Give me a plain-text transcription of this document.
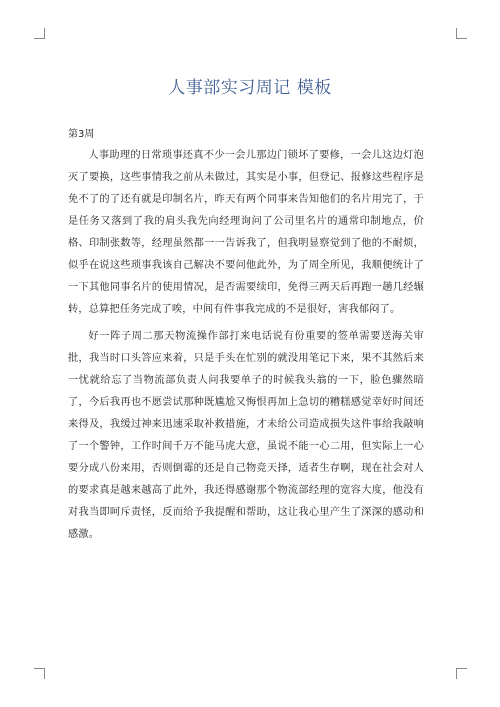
人事部实习周记 模板

第3周

人事助理的日常琐事还真不少一会儿那边门锁坏了要修，一会儿这边灯泡灭了要换，这些事情我之前从未做过，其实是小事，但登记、报修这些程序是免不了的了还有就是印制名片，昨天有两个同事来告知他们的名片用完了，于是任务又落到了我的肩头我先向经理询问了公司里名片的通常印制地点，价格、印制张数等，经理虽然都一一告诉我了，但我明显察觉到了他的不耐烦，似乎在说这些琐事我该自己解决不要问他此外，为了周全所见，我顺便统计了一下其他同事名片的使用情况，是否需要续印，免得三两天后再跑一趟几经辗转，总算把任务完成了唉，中间有件事我完成的不是很好，害我郁闷了。

好一阵子周二那天物流操作部打来电话说有份重要的签单需要送海关审批，我当时口头答应来着，只是手头在忙别的就没用笔记下来，果不其然后来一忧就给忘了当物流部负责人问我要单子的时候我头翁的一下，脸色骤然暗了，今后我再也不愿尝试那种既尴尬又悔恨再加上急切的糟糕感觉幸好时间还来得及，我缓过神来迅速采取补救措施，才未给公司造成损失这件事给我敲响了一个警钟，工作时间千万不能马虎大意，虽说不能一心二用，但实际上一心要分成八份来用，否则倒霉的还是自己物竞天择，适者生存啊，现在社会对人的要求真是越来越高了此外，我还得感谢那个物流部经理的宽容大度，他没有对我当即呵斥责怪，反而给予我提醒和帮助，这让我心里产生了深深的感动和感激。
